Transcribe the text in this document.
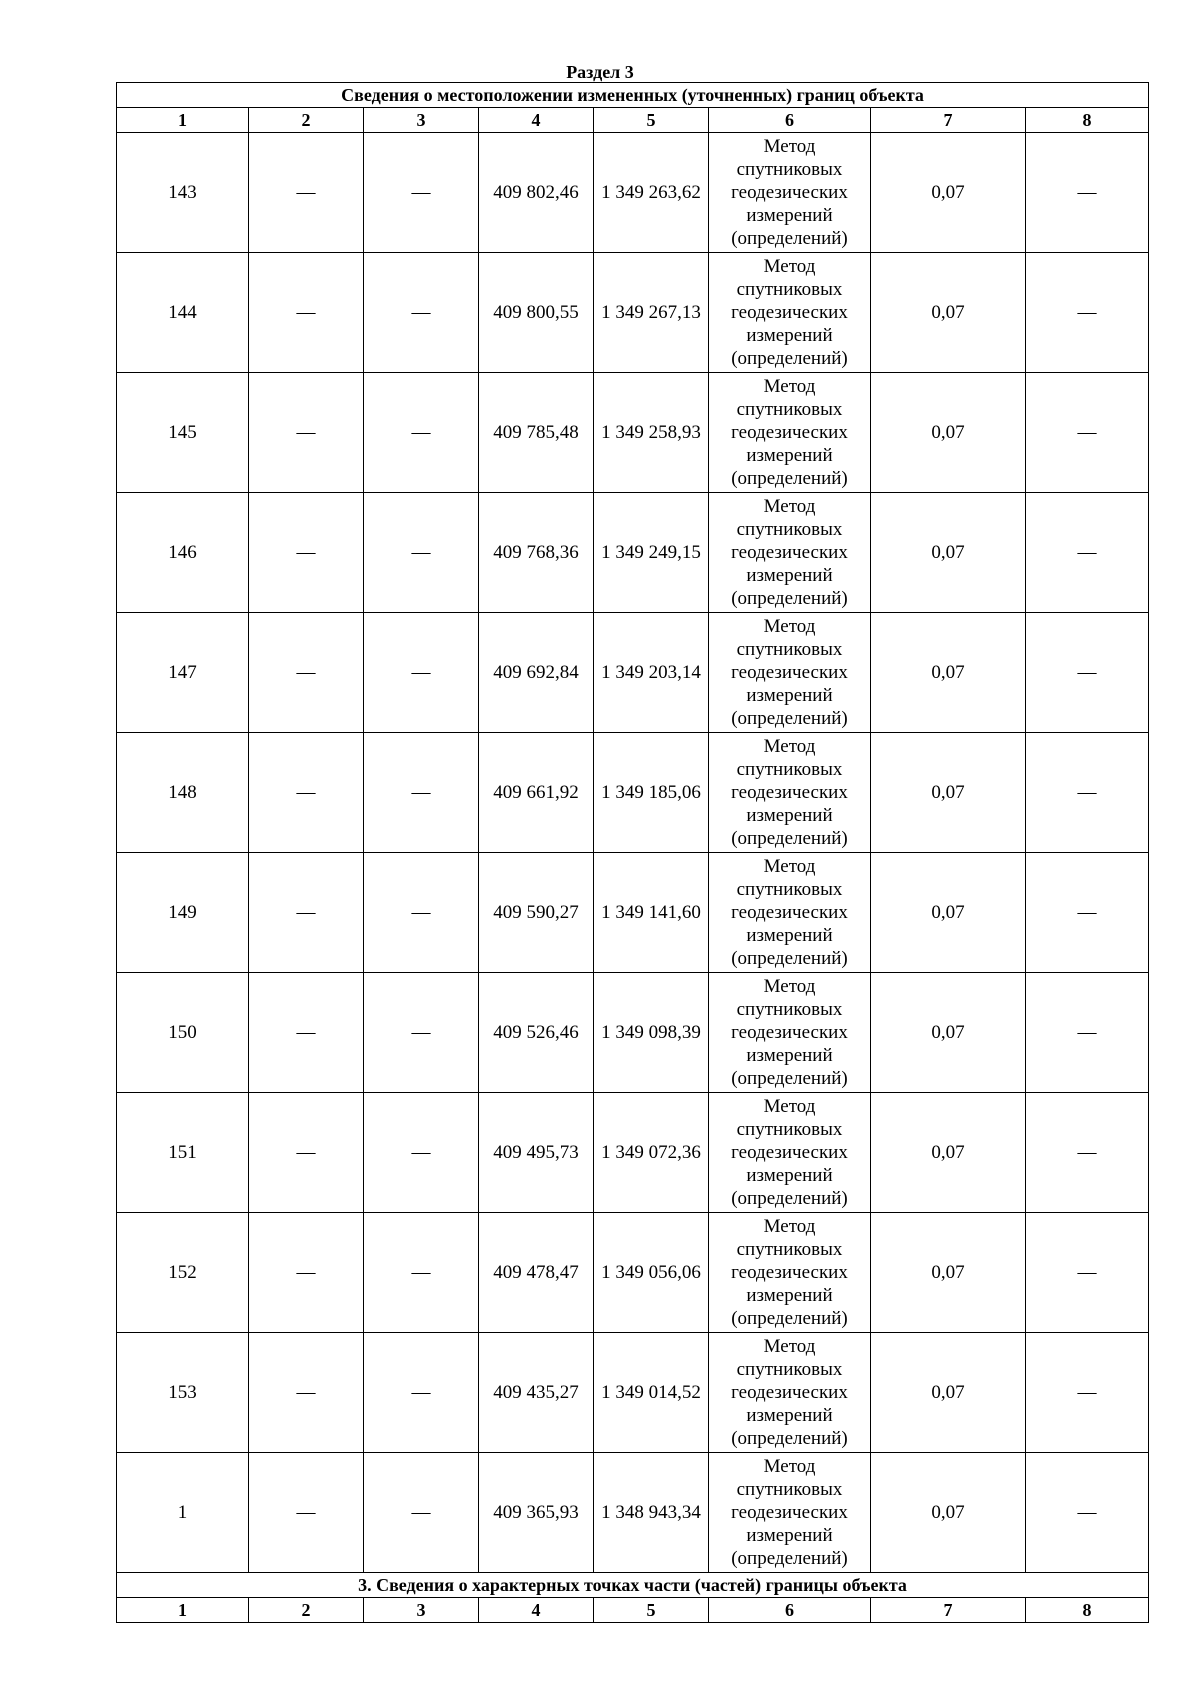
Раздел 3
Сведения о местоположении измененных (уточненных) границ объекта							
1	2	3	4	5	6	7	8
143	—	—	409 802,46	1 349 263,62	Метод
спутниковых
геодезических
измерений
(определений)	0,07	—
144	—	—	409 800,55	1 349 267,13	Метод
спутниковых
геодезических
измерений
(определений)	0,07	—
145	—	—	409 785,48	1 349 258,93	Метод
спутниковых
геодезических
измерений
(определений)	0,07	—
146	—	—	409 768,36	1 349 249,15	Метод
спутниковых
геодезических
измерений
(определений)	0,07	—
147	—	—	409 692,84	1 349 203,14	Метод
спутниковых
геодезических
измерений
(определений)	0,07	—
148	—	—	409 661,92	1 349 185,06	Метод
спутниковых
геодезических
измерений
(определений)	0,07	—
149	—	—	409 590,27	1 349 141,60	Метод
спутниковых
геодезических
измерений
(определений)	0,07	—
150	—	—	409 526,46	1 349 098,39	Метод
спутниковых
геодезических
измерений
(определений)	0,07	—
151	—	—	409 495,73	1 349 072,36	Метод
спутниковых
геодезических
измерений
(определений)	0,07	—
152	—	—	409 478,47	1 349 056,06	Метод
спутниковых
геодезических
измерений
(определений)	0,07	—
153	—	—	409 435,27	1 349 014,52	Метод
спутниковых
геодезических
измерений
(определений)	0,07	—
1	—	—	409 365,93	1 348 943,34	Метод
спутниковых
геодезических
измерений
(определений)	0,07	—
3. Сведения о характерных точках части (частей) границы объекта							
1	2	3	4	5	6	7	8
